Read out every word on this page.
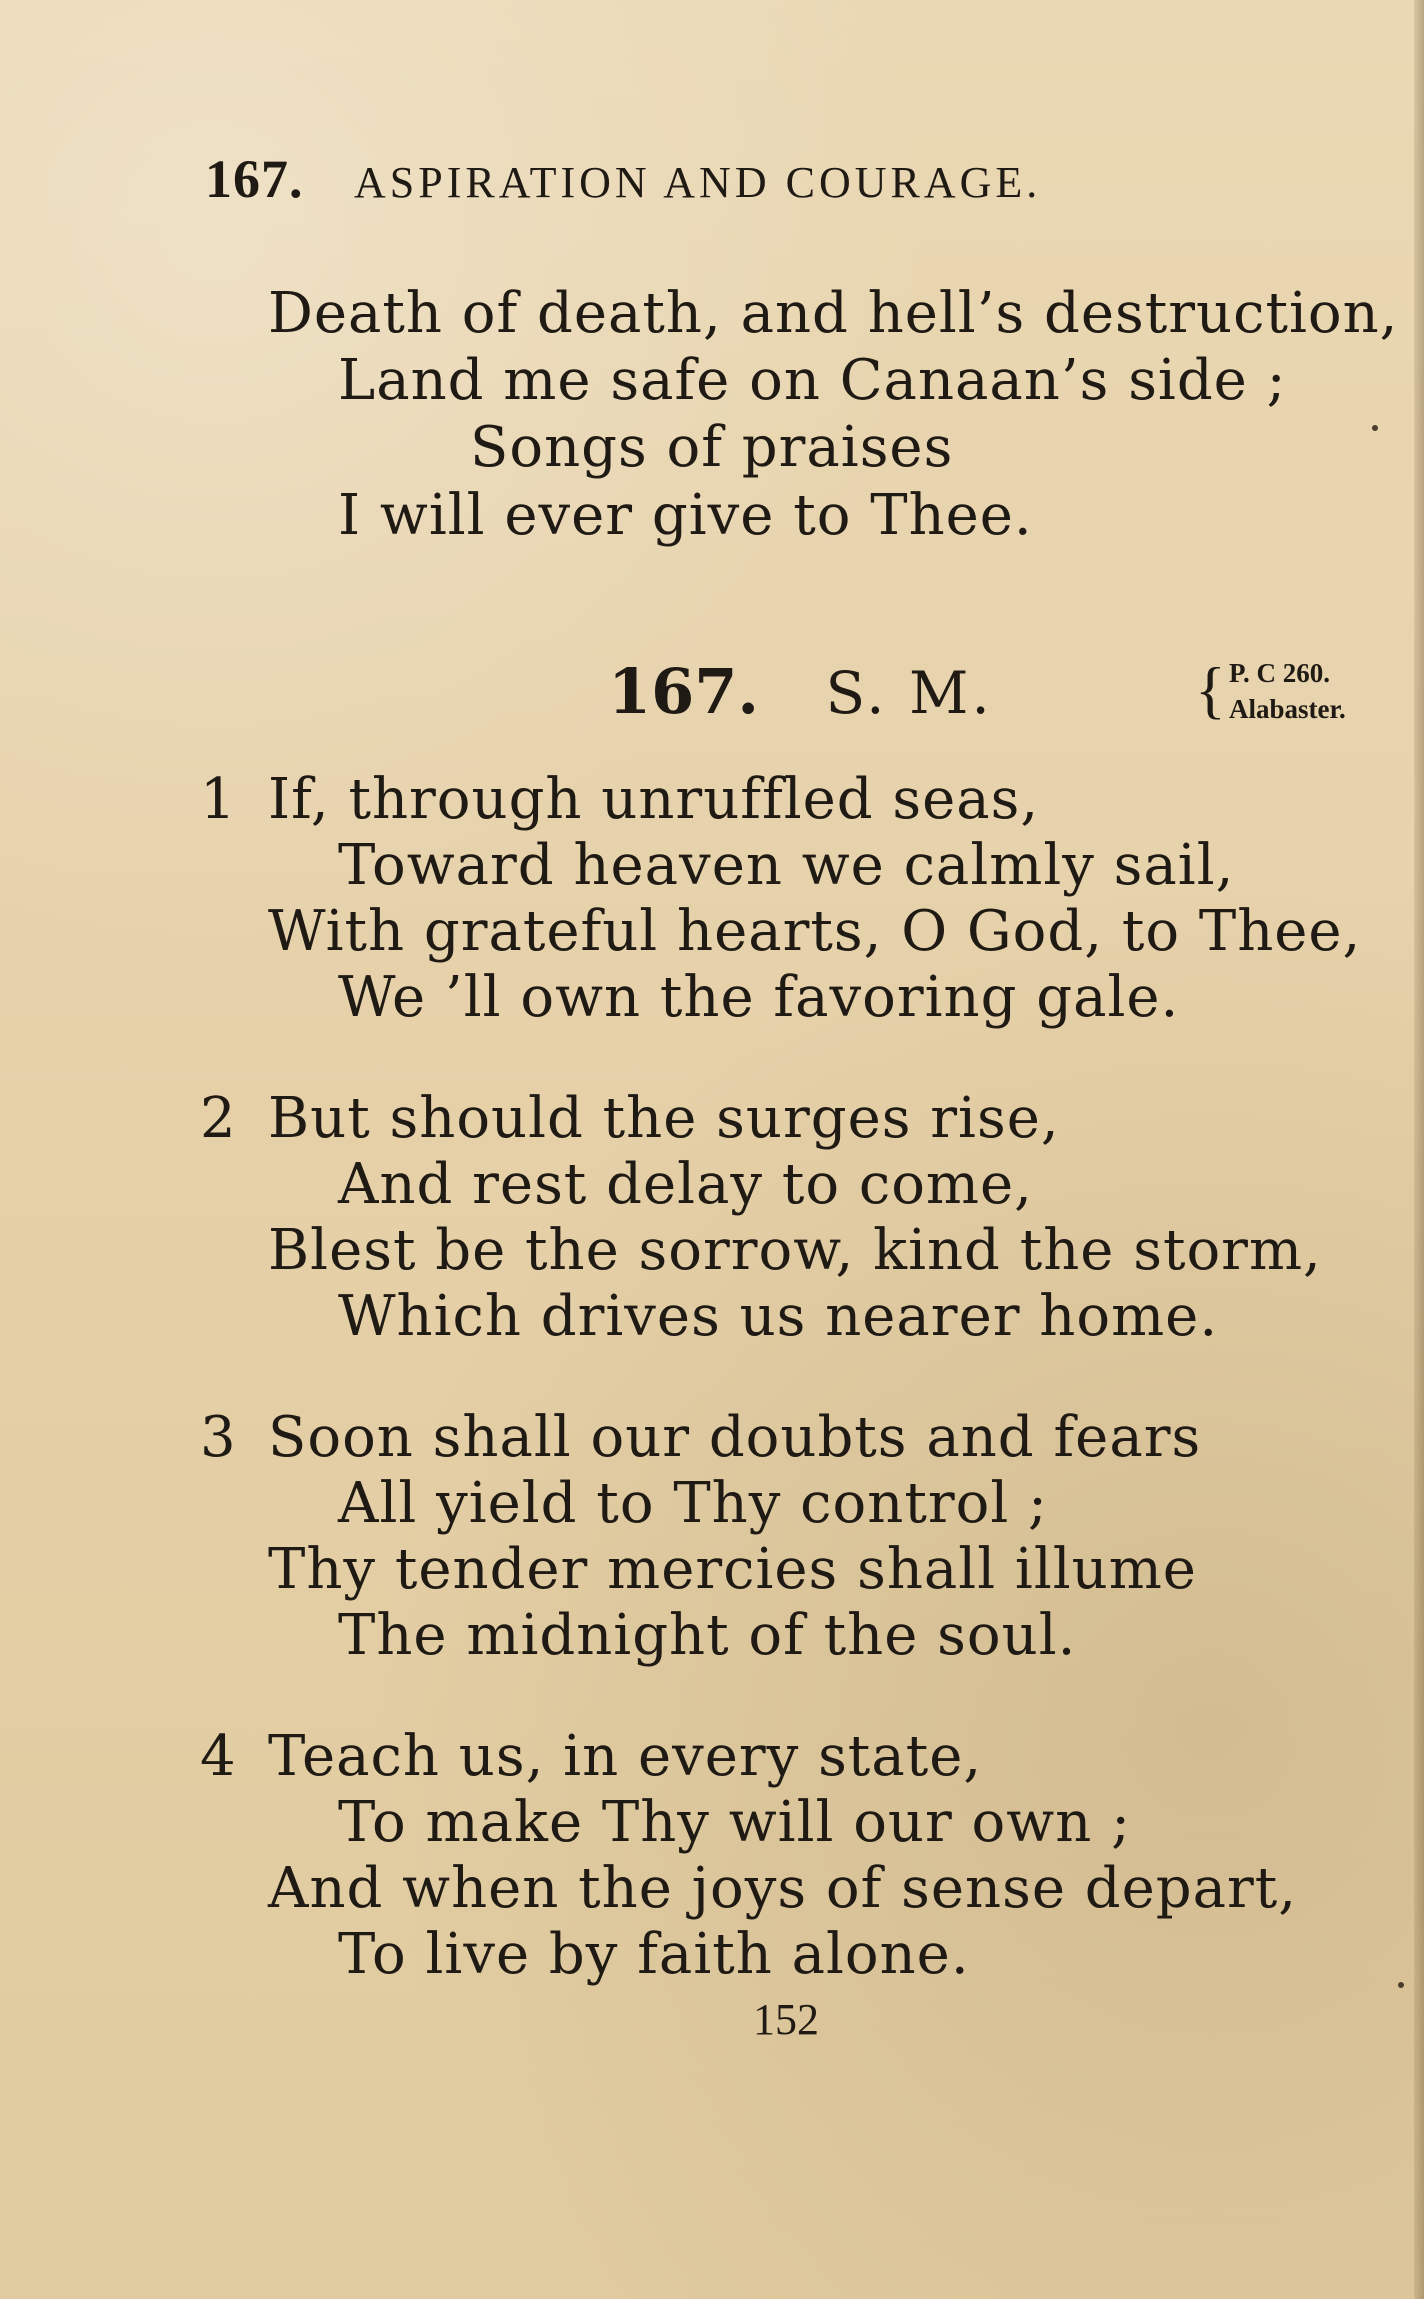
167. ASPIRATION AND COURAGE.
Death of death, and hell’s destruction,
Land me safe on Canaan’s side ;
Songs of praises
I will ever give to Thee.
167. S. M.	{ P. C 260.
Alabaster.
1 If, through unruffled seas,
Toward heaven we calmly sail,
With grateful hearts, O God, to Thee,
We ’ll own the favoring gale.
2 But should the surges rise,
And rest delay to come,
Blest be the sorrow, kind the storm,
Which drives us nearer home.
3 Soon shall our doubts and fears
All yield to Thy control ;
Thy tender mercies shall illume
The midnight of the soul.
4 Teach us, in every state,
To make Thy will our own ;
And when the joys of sense depart,
To live by faith alone.
152
